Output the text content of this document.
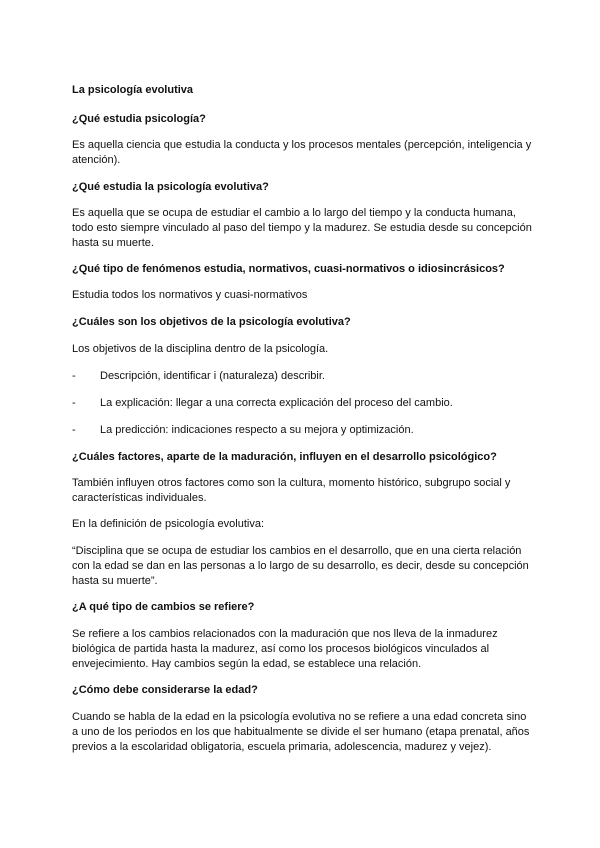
La psicología evolutiva

¿Qué estudia psicología?

Es aquella ciencia que estudia la conducta y los procesos mentales (percepción, inteligencia y atención).

¿Qué estudia la psicología evolutiva?

Es aquella que se ocupa de estudiar el cambio a lo largo del tiempo y la conducta humana, todo esto siempre vinculado al paso del tiempo y la madurez. Se estudia desde su concepción hasta su muerte.

¿Qué tipo de fenómenos estudia, normativos, cuasi-normativos o idiosincrásicos?

Estudia todos los normativos y cuasi-normativos

¿Cuáles son los objetivos de la psicología evolutiva?

Los objetivos de la disciplina dentro de la psicología.

- Descripción, identificar i (naturaleza) describir.
- La explicación: llegar a una correcta explicación del proceso del cambio.
- La predicción: indicaciones respecto a su mejora y optimización.

¿Cuáles factores, aparte de la maduración, influyen en el desarrollo psicológico?

También influyen otros factores como son la cultura, momento histórico, subgrupo social y características individuales.

En la definición de psicología evolutiva:

“Disciplina que se ocupa de estudiar los cambios en el desarrollo, que en una cierta relación con la edad se dan en las personas a lo largo de su desarrollo, es decir, desde su concepción hasta su muerte”.

¿A qué tipo de cambios se refiere?

Se refiere a los cambios relacionados con la maduración que nos lleva de la inmadurez biológica de partida hasta la madurez, así como los procesos biológicos vinculados al envejecimiento. Hay cambios según la edad, se establece una relación.

¿Cómo debe considerarse la edad?

Cuando se habla de la edad en la psicología evolutiva no se refiere a una edad concreta sino a uno de los periodos en los que habitualmente se divide el ser humano (etapa prenatal, años previos a la escolaridad obligatoria, escuela primaria, adolescencia, madurez y vejez).
